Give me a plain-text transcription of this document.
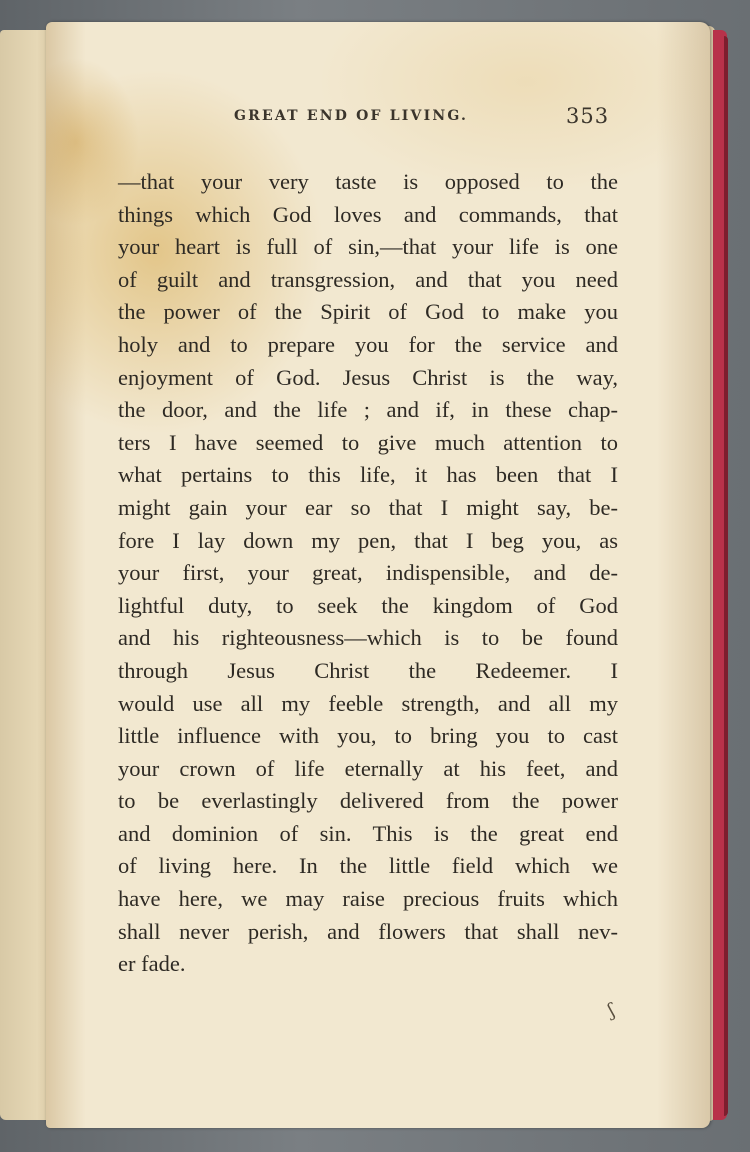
GREAT END OF LIVING.	353
—that your very taste is opposed to the
things which God loves and commands, that
your heart is full of sin,—that your life is one
of guilt and transgression, and that you need
the power of the Spirit of God to make you
holy and to prepare you for the service and
enjoyment of God. Jesus Christ is the way,
the door, and the life ; and if, in these chap-
ters I have seemed to give much attention to
what pertains to this life, it has been that I
might gain your ear so that I might say, be-
fore I lay down my pen, that I beg you, as
your first, your great, indispensible, and de-
lightful duty, to seek the kingdom of God
and his righteousness—which is to be found
through Jesus Christ the Redeemer. I
would use all my feeble strength, and all my
little influence with you, to bring you to cast
your crown of life eternally at his feet, and
to be everlastingly delivered from the power
and dominion of sin. This is the great end
of living here. In the little field which we
have here, we may raise precious fruits which
shall never perish, and flowers that shall nev-
er fade.
ʃ
